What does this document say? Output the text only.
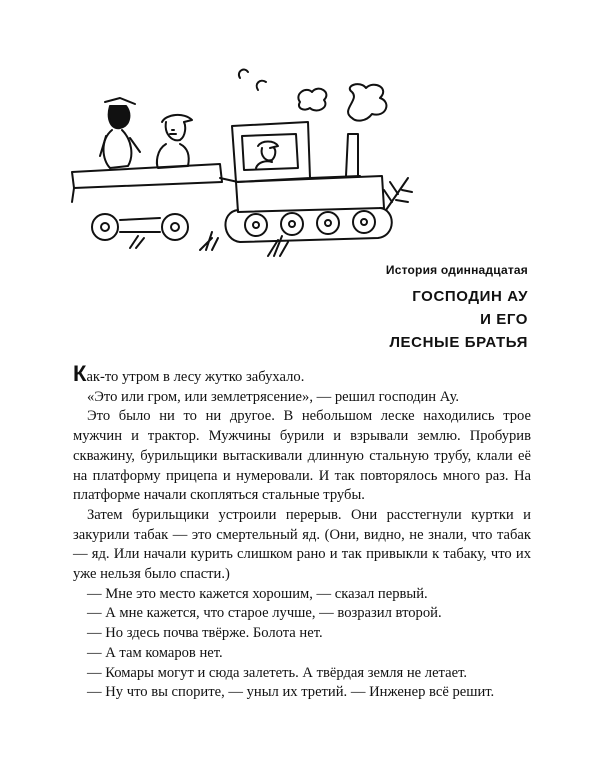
История одиннадцатая
ГОСПОДИН АУ
И ЕГО
ЛЕСНЫЕ БРАТЬЯ

Как-то утром в лесу жутко забухало.

«Это или гром, или землетрясение», — решил господин Ау.

Это было ни то ни другое. В небольшом леске находились трое мужчин и трактор. Мужчины бурили и взрывали землю. Пробурив скважину, бурильщики вытаскивали длинную стальную трубу, клали её на платформу прицепа и нумеровали. И так повторялось много раз. На платформе начали скопляться стальные трубы.

Затем бурильщики устроили перерыв. Они расстегнули куртки и закурили табак — это смертельный яд. (Они, видно, не знали, что табак — яд. Или начали курить слишком рано и так привыкли к табаку, что их уже нельзя было спасти.)

— Мне это место кажется хорошим, — сказал первый.

— А мне кажется, что старое лучше, — возразил второй.

— Но здесь почва твёрже. Болота нет.

— А там комаров нет.

— Комары могут и сюда залететь. А твёрдая земля не летает.

— Ну что вы спорите, — уныл их третий. — Инженер всё решит.
